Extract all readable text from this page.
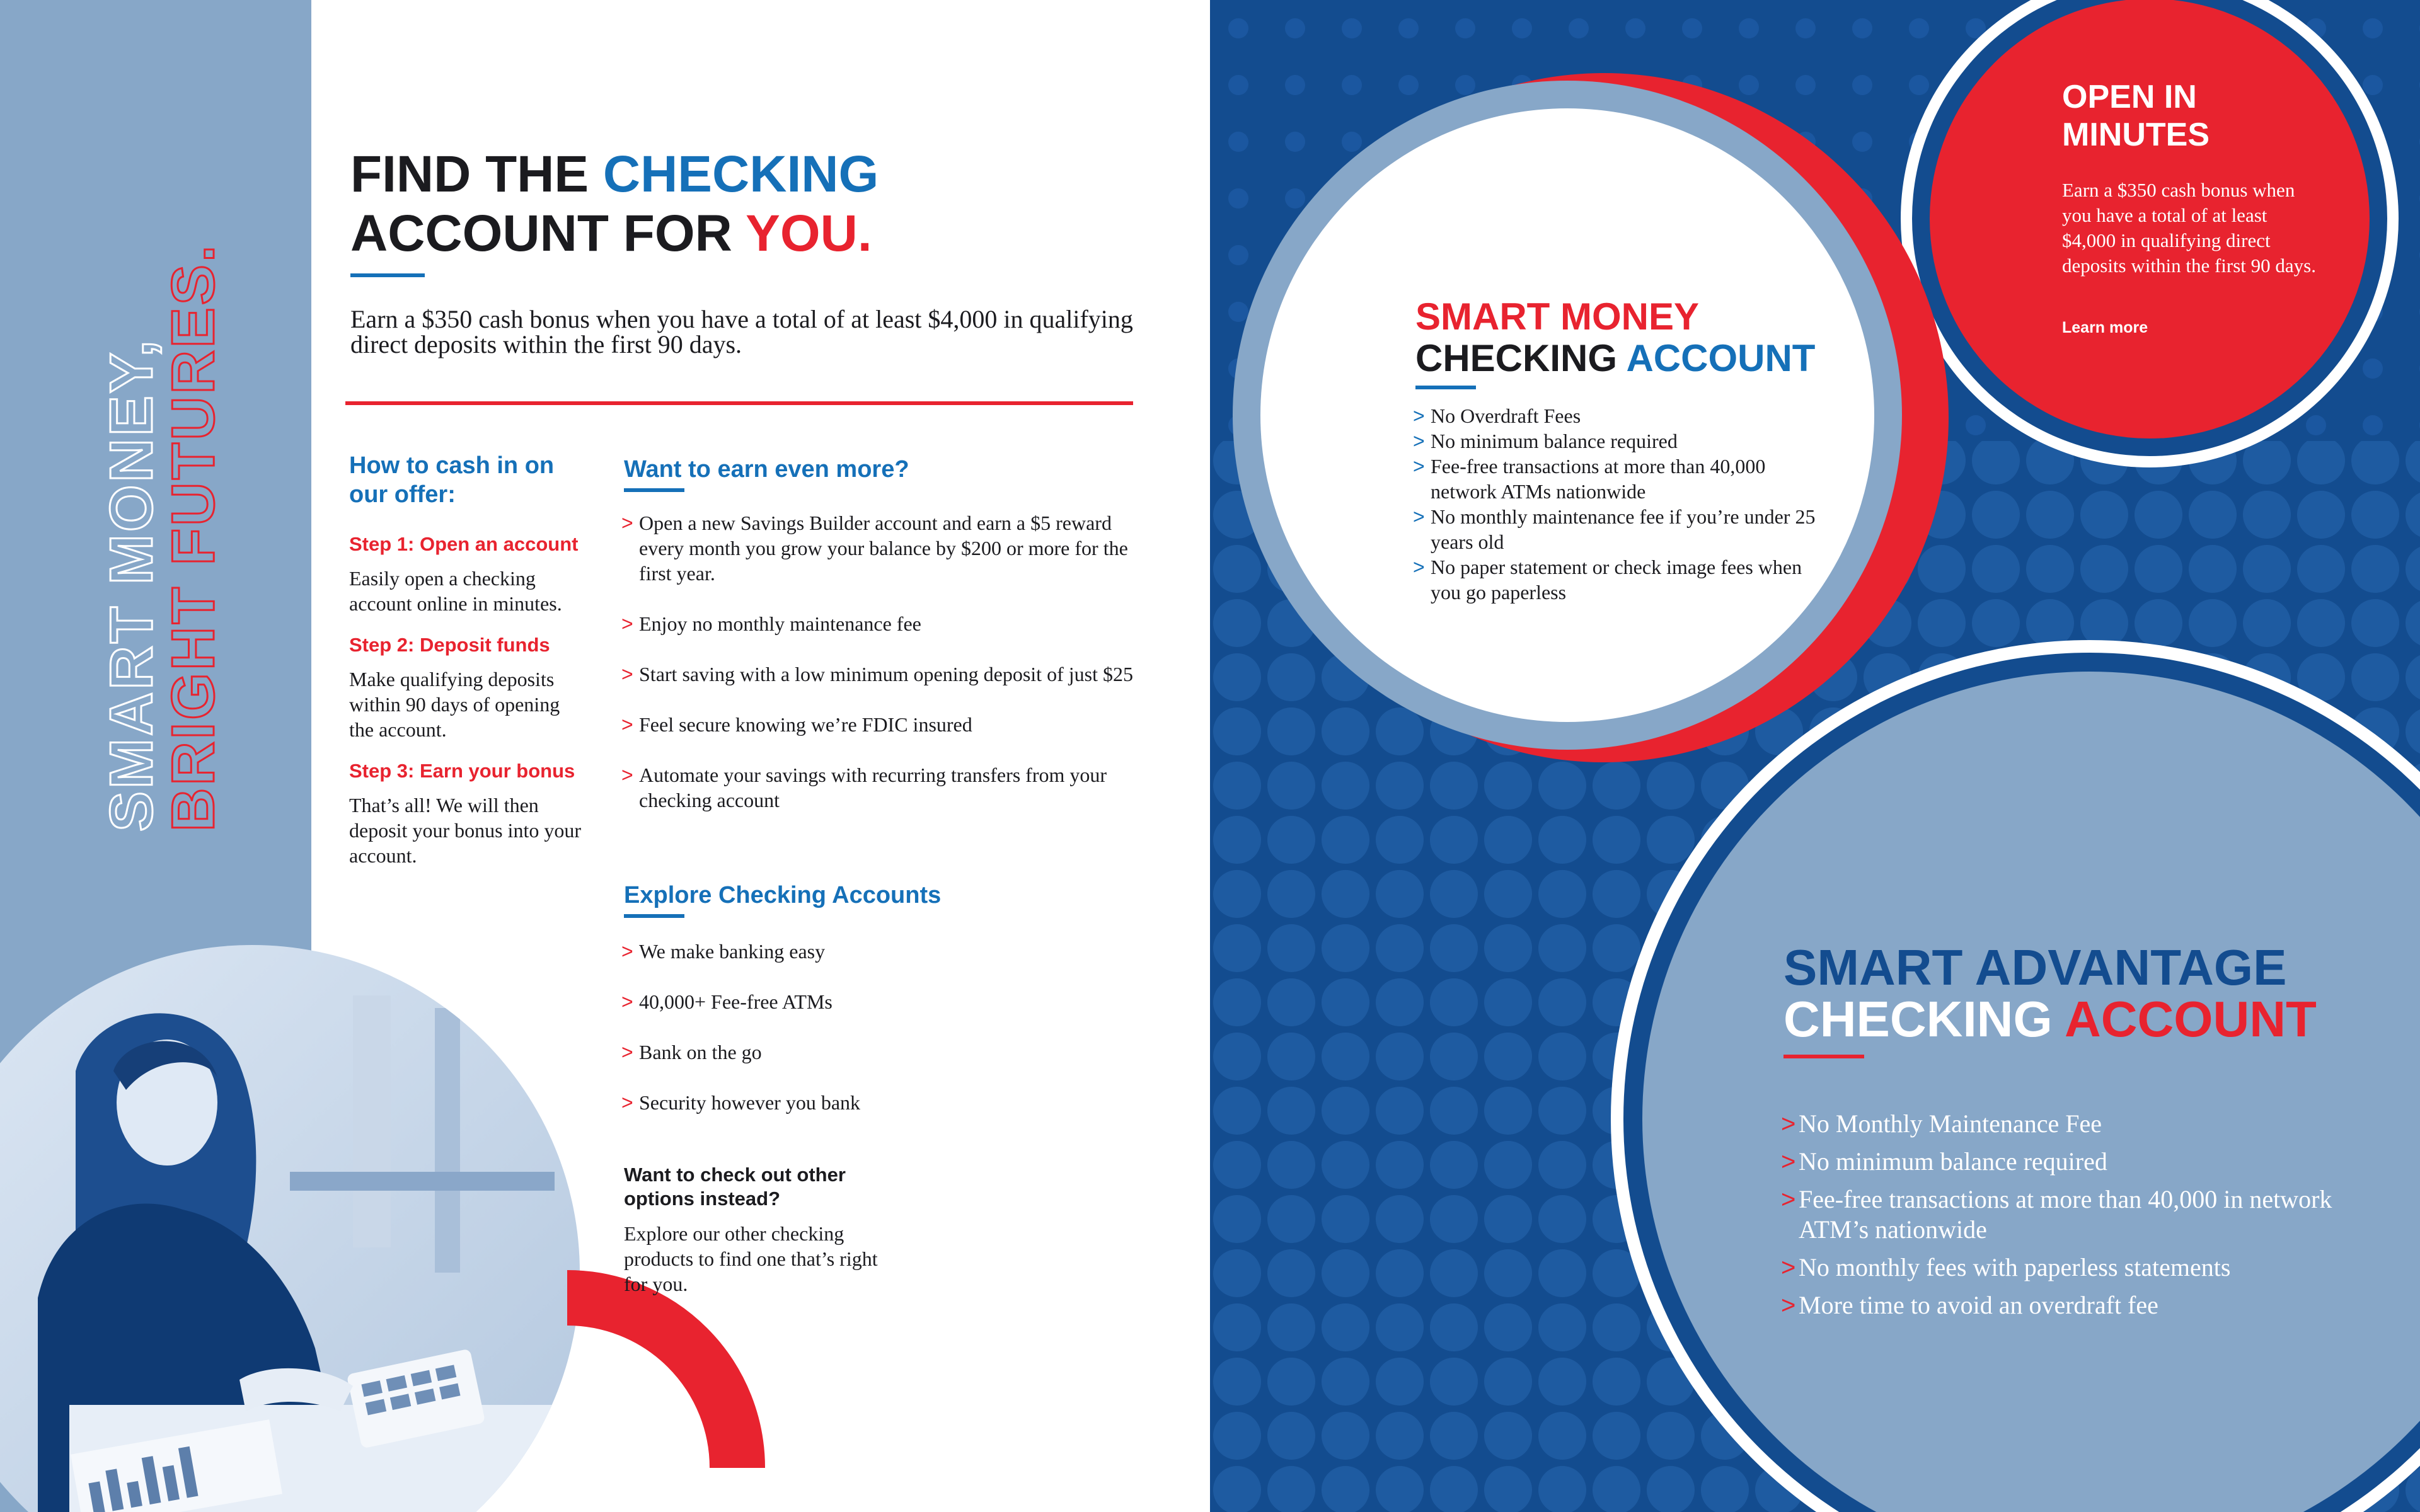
SMART MONEY,
BRIGHT FUTURES.
FIND THE CHECKING
ACCOUNT FOR YOU.
Earn a $350 cash bonus when you have a total of at least $4,000 in qualifying direct deposits within the first 90 days.
How to cash in on our offer:
Step 1: Open an account
Easily open a checking account online in minutes.
Step 2: Deposit funds
Make qualifying deposits within 90 days of opening the account.
Step 3: Earn your bonus
That’s all! We will then deposit your bonus into your account.
Want to earn even more?
> Open a new Savings Builder account and earn a $5 reward every month you grow your balance by $200 or more for the first year.
> Enjoy no monthly maintenance fee
> Start saving with a low minimum opening deposit of just $25
> Feel secure knowing we’re FDIC insured
> Automate your savings with recurring transfers from your checking account
Explore Checking Accounts
> We make banking easy
> 40,000+ Fee-free ATMs
> Bank on the go
> Security however you bank
Want to check out other options instead?
Explore our other checking products to find one that’s right for you.
SMART MONEY
CHECKING ACCOUNT
> No Overdraft Fees
> No minimum balance required
> Fee-free transactions at more than 40,000 network ATMs nationwide
> No monthly maintenance fee if you’re under 25 years old
> No paper statement or check image fees when you go paperless
OPEN IN MINUTES
Earn a $350 cash bonus when you have a total of at least $4,000 in qualifying direct deposits within the first 90 days.
Learn more
SMART ADVANTAGE
CHECKING ACCOUNT
> No Monthly Maintenance Fee
> No minimum balance required
> Fee-free transactions at more than 40,000 in network ATM’s nationwide
> No monthly fees with paperless statements
> More time to avoid an overdraft fee
